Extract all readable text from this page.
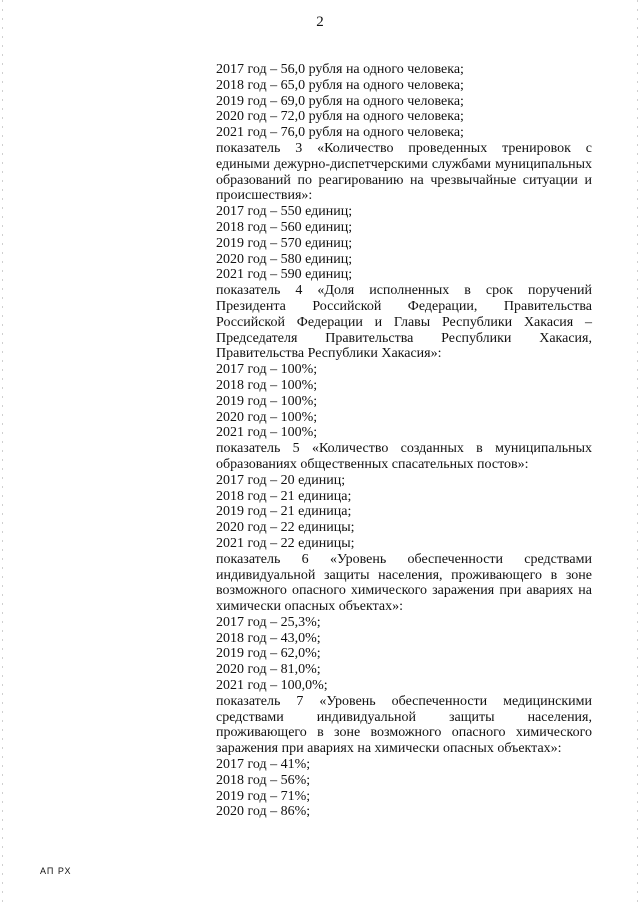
2
2017 год – 56,0 рубля на одного человека;
2018 год – 65,0 рубля на одного человека;
2019 год – 69,0 рубля на одного человека;
2020 год – 72,0 рубля на одного человека;
2021 год – 76,0 рубля на одного человека;
показатель 3 «Количество проведенных тренировок с едиными дежурно-диспетчерскими службами муниципальных образований по реагированию на чрезвычайные ситуации и происшествия»:
2017 год – 550 единиц;
2018 год – 560 единиц;
2019 год – 570 единиц;
2020 год – 580 единиц;
2021 год – 590 единиц;
показатель 4 «Доля исполненных в срок поручений Президента Российской Федерации, Правительства Российской Федерации и Главы Республики Хакасия – Председателя Правительства Республики Хакасия, Правительства Республики Хакасия»:
2017 год – 100%;
2018 год – 100%;
2019 год – 100%;
2020 год – 100%;
2021 год – 100%;
показатель 5 «Количество созданных в муниципальных образованиях общественных спасательных постов»:
2017 год – 20 единиц;
2018 год – 21 единица;
2019 год – 21 единица;
2020 год – 22 единицы;
2021 год – 22 единицы;
показатель 6 «Уровень обеспеченности средствами индивидуальной защиты населения, проживающего в зоне возможного опасного химического заражения при авариях на химически опасных объектах»:
2017 год – 25,3%;
2018 год – 43,0%;
2019 год – 62,0%;
2020 год – 81,0%;
2021 год – 100,0%;
показатель 7 «Уровень обеспеченности медицинскими средствами индивидуальной защиты населения, проживающего в зоне возможного опасного химического заражения при авариях на химически опасных объектах»:
2017 год – 41%;
2018 год – 56%;
2019 год – 71%;
2020 год – 86%;
АП РХ
